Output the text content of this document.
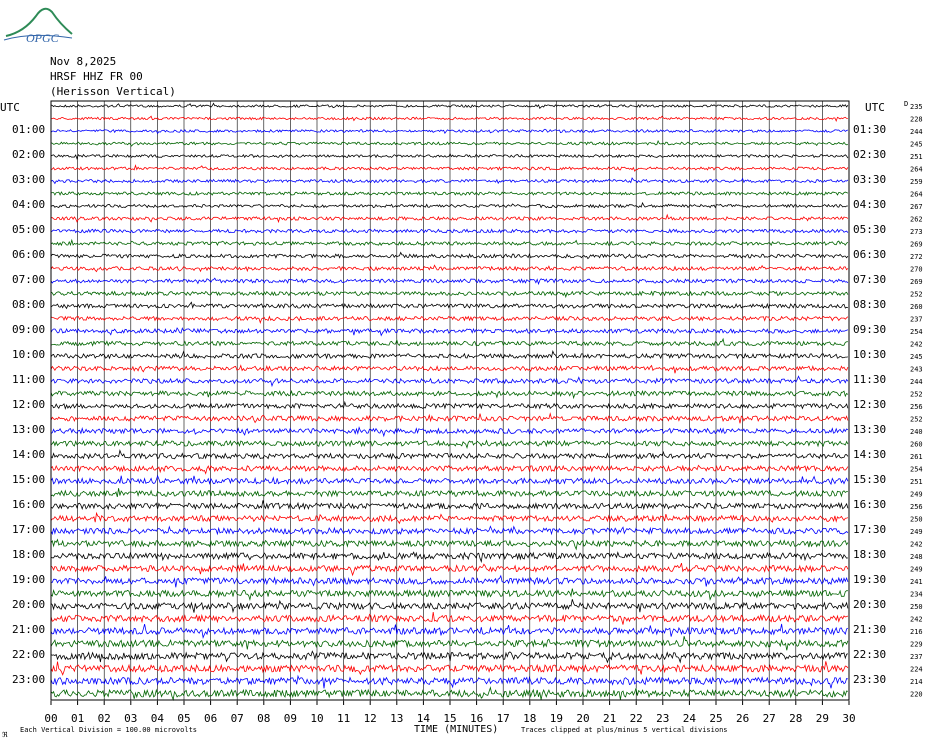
OPGC
Nov 8,2025
HRSF HHZ FR 00
(Herisson Vertical)
UTC	UTC	D
01:00
02:00
03:00
04:00
05:00
06:00
07:00
08:00
09:00
10:00
11:00
12:00
13:00
14:00
15:00
16:00
17:00
18:00
19:00
20:00
21:00
22:00
23:00
01:30
02:30
03:30
04:30
05:30
06:30
07:30
08:30
09:30
10:30
11:30
12:30
13:30
14:30
15:30
16:30
17:30
18:30
19:30
20:30
21:30
22:30
23:30
235
228
244
245
251
264
259
264
267
262
273
269
272
270
269
252
260
237
254
242
245
243
244
252
256
252
240
260
261
254
251
249
256
250
249
242
248
249
241
234
250
242
216
229
237
224
214
220
00 01 02 03 04 05 06 07 08 09 10 11 12 13 14 15 16 17 18 19 20 21 22 23 24 25 26 27 28 29 30
TIME (MINUTES)
Each Vertical Division = 100.00 microvolts	Traces clipped at plus/minus 5 vertical divisions
ℜ
